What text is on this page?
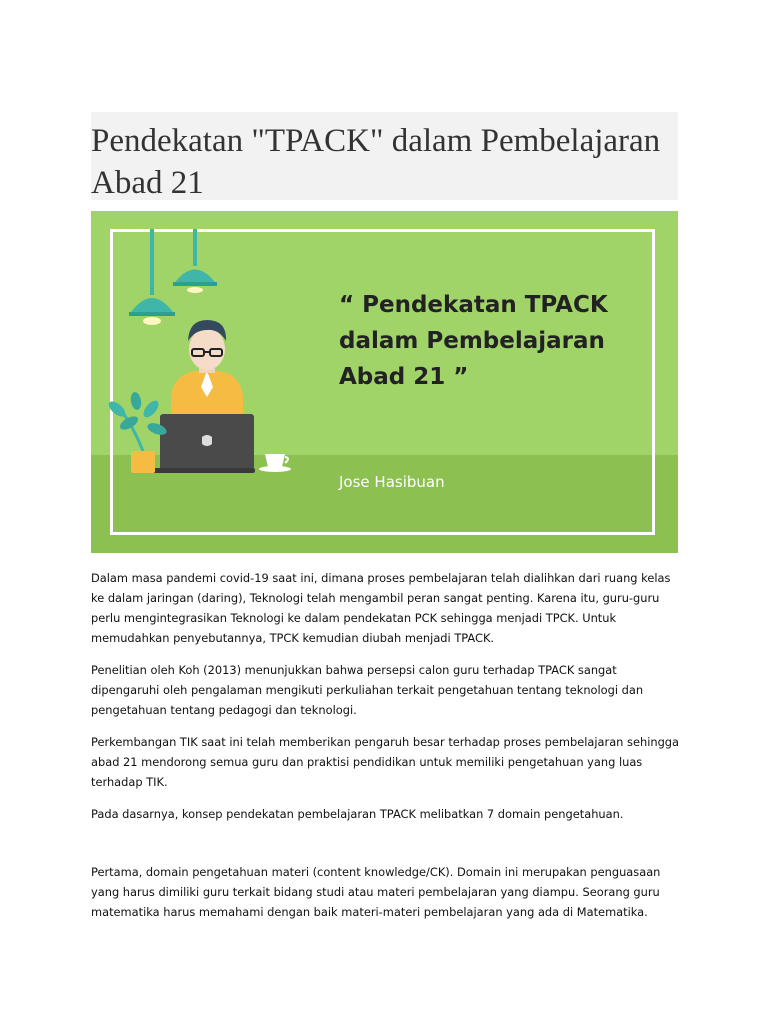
Pendekatan "TPACK" dalam Pembelajaran Abad 21
“ Pendekatan TPACK dalam Pembelajaran Abad 21 ”
Jose Hasibuan

Dalam masa pandemi covid-19 saat ini, dimana proses pembelajaran telah dialihkan dari ruang kelas ke dalam jaringan (daring), Teknologi telah mengambil peran sangat penting. Karena itu, guru-guru perlu mengintegrasikan Teknologi ke dalam pendekatan PCK sehingga menjadi TPCK. Untuk memudahkan penyebutannya, TPCK kemudian diubah menjadi TPACK.

Penelitian oleh Koh (2013) menunjukkan bahwa persepsi calon guru terhadap TPACK sangat dipengaruhi oleh pengalaman mengikuti perkuliahan terkait pengetahuan tentang teknologi dan pengetahuan tentang pedagogi dan teknologi.

Perkembangan TIK saat ini telah memberikan pengaruh besar terhadap proses pembelajaran sehingga abad 21 mendorong semua guru dan praktisi pendidikan untuk memiliki pengetahuan yang luas terhadap TIK.

Pada dasarnya, konsep pendekatan pembelajaran TPACK melibatkan 7 domain pengetahuan.

Pertama, domain pengetahuan materi (content knowledge/CK). Domain ini merupakan penguasaan yang harus dimiliki guru terkait bidang studi atau materi pembelajaran yang diampu. Seorang guru matematika harus memahami dengan baik materi-materi pembelajaran yang ada di Matematika.
